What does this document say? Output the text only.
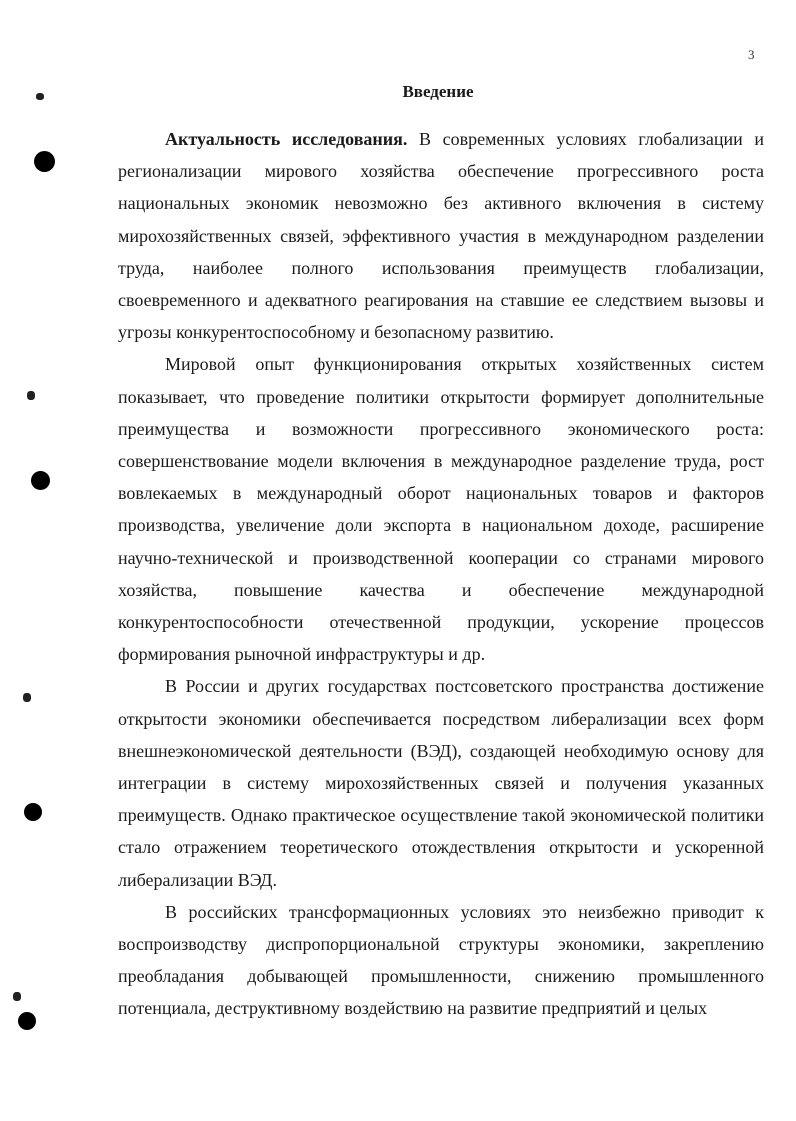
3
Введение

Актуальность исследования. В современных условиях глобализации и регионализации мирового хозяйства обеспечение прогрессивного роста национальных экономик невозможно без активного включения в систему мирохозяйственных связей, эффективного участия в международном разделении труда, наиболее полного использования преимуществ глобализации, своевременного и адекватного реагирования на ставшие ее следствием вызовы и угрозы конкурентоспособному и безопасному развитию.

Мировой опыт функционирования открытых хозяйственных систем показывает, что проведение политики открытости формирует дополнительные преимущества и возможности прогрессивного экономического роста: совершенствование модели включения в международное разделение труда, рост вовлекаемых в международный оборот национальных товаров и факторов производства, увеличение доли экспорта в национальном доходе, расширение научно-технической и производственной кооперации со странами мирового хозяйства, повышение качества и обеспечение международной конкурентоспособности отечественной продукции, ускорение процессов формирования рыночной инфраструктуры и др.

В России и других государствах постсоветского пространства достижение открытости экономики обеспечивается посредством либерализации всех форм внешнеэкономической деятельности (ВЭД), создающей необходимую основу для интеграции в систему мирохозяйственных связей и получения указанных преимуществ. Однако практическое осуществление такой экономической политики стало отражением теоретического отождествления открытости и ускоренной либерализации ВЭД.

В российских трансформационных условиях это неизбежно приводит к воспроизводству диспропорциональной структуры экономики, закреплению преобладания добывающей промышленности, снижению промышленного потенциала, деструктивному воздействию на развитие предприятий и целых
